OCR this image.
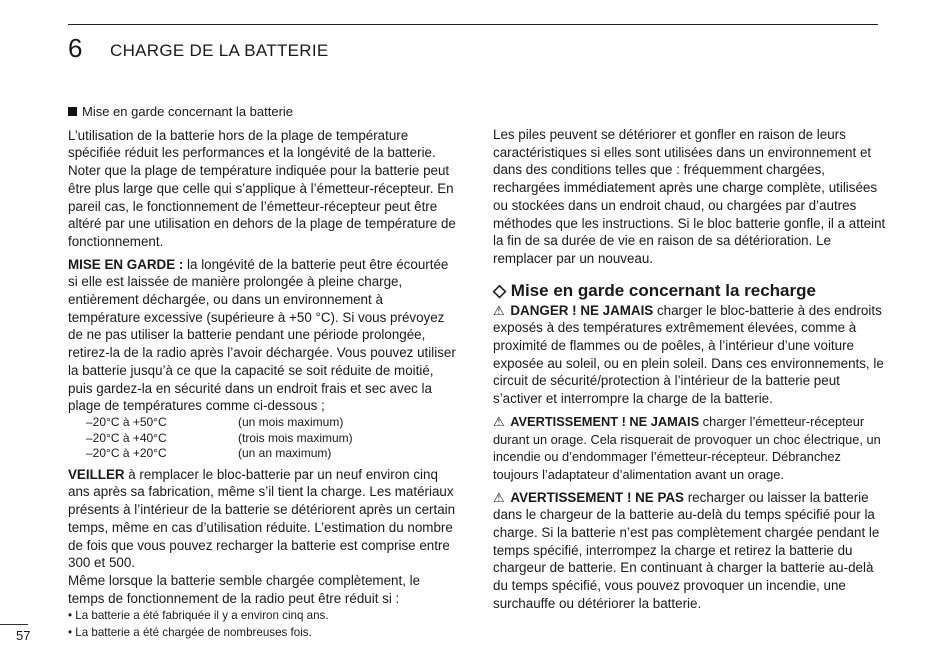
6 CHARGE DE LA BATTERIE

Mise en garde concernant la batterie

L’utilisation de la batterie hors de la plage de température spécifiée réduit les performances et la longévité de la batterie. Noter que la plage de température indiquée pour la batterie peut être plus large que celle qui s’applique à l’émetteur-récepteur. En pareil cas, le fonctionnement de l’émetteur-récepteur peut être altéré par une utilisation en dehors de la plage de température de fonctionnement.

MISE EN GARDE : la longévité de la batterie peut être écourtée si elle est laissée de manière prolongée à pleine charge, entièrement déchargée, ou dans un environnement à température excessive (supérieure à +50 °C). Si vous prévoyez de ne pas utiliser la batterie pendant une période prolongée, retirez-la de la radio après l’avoir déchargée. Vous pouvez utiliser la batterie jusqu’à ce que la capacité se soit réduite de moitié, puis gardez-la en sécurité dans un endroit frais et sec avec la plage de températures comme ci-dessous ;

–20°C à +50°C	(un mois maximum)
–20°C à +40°C	(trois mois maximum)
–20°C à +20°C	(un an maximum)

VEILLER à remplacer le bloc-batterie par un neuf environ cinq ans après sa fabrication, même s’il tient la charge. Les matériaux présents à l’intérieur de la batterie se détériorent après un certain temps, même en cas d’utilisation réduite. L’estimation du nombre de fois que vous pouvez recharger la batterie est comprise entre 300 et 500.

Même lorsque la batterie semble chargée complètement, le temps de fonctionnement de la radio peut être réduit si :

• La batterie a été fabriquée il y a environ cinq ans.
• La batterie a été chargée de nombreuses fois.

Les piles peuvent se détériorer et gonfler en raison de leurs caractéristiques si elles sont utilisées dans un environnement et dans des conditions telles que : fréquemment chargées, rechargées immédiatement après une charge complète, utilisées ou stockées dans un endroit chaud, ou chargées par d’autres méthodes que les instructions. Si le bloc batterie gonfle, il a atteint la fin de sa durée de vie en raison de sa détérioration. Le remplacer par un nouveau.

◇ Mise en garde concernant la recharge

⚠ DANGER ! NE JAMAIS charger le bloc-batterie à des endroits exposés à des températures extrêmement élevées, comme à proximité de flammes ou de poêles, à l’intérieur d’une voiture exposée au soleil, ou en plein soleil. Dans ces environnements, le circuit de sécurité/protection à l’intérieur de la batterie peut s’activer et interrompre la charge de la batterie.

⚠ AVERTISSEMENT ! NE JAMAIS charger l’émetteur-récepteur durant un orage. Cela risquerait de provoquer un choc électrique, un incendie ou d’endommager l’émetteur-récepteur. Débranchez toujours l’adaptateur d’alimentation avant un orage.

⚠ AVERTISSEMENT ! NE PAS recharger ou laisser la batterie dans le chargeur de la batterie au-delà du temps spécifié pour la charge. Si la batterie n’est pas complètement chargée pendant le temps spécifié, interrompez la charge et retirez la batterie du chargeur de batterie. En continuant à charger la batterie au-delà du temps spécifié, vous pouvez provoquer un incendie, une surchauffe ou détériorer la batterie.

57
